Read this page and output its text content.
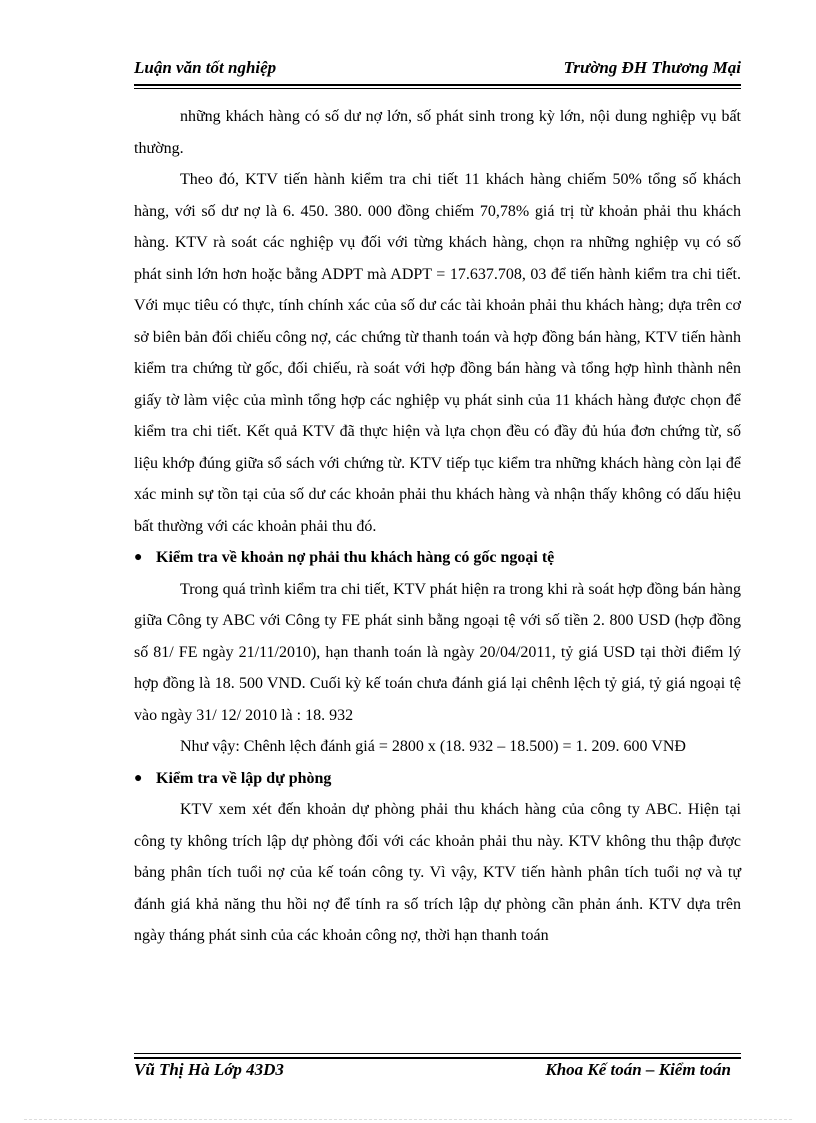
Luận văn tốt nghiệp	Trường ĐH Thương Mại

những khách hàng có số dư nợ lớn, số phát sinh trong kỳ lớn, nội dung nghiệp vụ bất thường.

Theo đó, KTV tiến hành kiểm tra chi tiết 11 khách hàng chiếm 50% tổng số khách hàng, với số dư nợ là 6. 450. 380. 000 đồng chiếm 70,78% giá trị từ khoản phải thu khách hàng. KTV rà soát các nghiệp vụ đối với từng khách hàng, chọn ra những nghiệp vụ có số phát sinh lớn hơn hoặc bằng ADPT mà ADPT = 17.637.708, 03 để tiến hành kiểm tra chi tiết. Với mục tiêu có thực, tính chính xác của số dư các tài khoản phải thu khách hàng; dựa trên cơ sở biên bản đối chiếu công nợ, các chứng từ thanh toán và hợp đồng bán hàng, KTV tiến hành kiểm tra chứng từ gốc, đối chiếu, rà soát với hợp đồng bán hàng và tổng hợp hình thành nên giấy tờ làm việc của mình tổng hợp các nghiệp vụ phát sinh của 11 khách hàng được chọn để kiểm tra chi tiết. Kết quả KTV đã thực hiện và lựa chọn đều có đầy đủ húa đơn chứng từ, số liệu khớp đúng giữa sổ sách với chứng từ. KTV tiếp tục kiểm tra những khách hàng còn lại để xác minh sự tồn tại của số dư các khoản phải thu khách hàng và nhận thấy không có dấu hiệu bất thường với các khoản phải thu đó.

● Kiểm tra về khoản nợ phải thu khách hàng có gốc ngoại tệ

Trong quá trình kiểm tra chi tiết, KTV phát hiện ra trong khi rà soát hợp đồng bán hàng giữa Công ty ABC với Công ty FE phát sinh bằng ngoại tệ với số tiền 2. 800 USD (hợp đồng số 81/ FE ngày 21/11/2010), hạn thanh toán là ngày 20/04/2011, tỷ giá USD tại thời điểm lý hợp đồng là 18. 500 VND. Cuối kỳ kế toán chưa đánh giá lại chênh lệch tỷ giá, tỷ giá ngoại tệ vào ngày 31/ 12/ 2010 là : 18. 932

Như vậy: Chênh lệch đánh giá = 2800 x (18. 932 – 18.500) = 1. 209. 600 VNĐ

● Kiểm tra về lập dự phòng

KTV xem xét đến khoản dự phòng phải thu khách hàng của công ty ABC. Hiện tại công ty không trích lập dự phòng đối với các khoản phải thu này. KTV không thu thập được bảng phân tích tuổi nợ của kế toán công ty. Vì vậy, KTV tiến hành phân tích tuổi nợ và tự đánh giá khả năng thu hồi nợ để tính ra số trích lập dự phòng cần phản ánh. KTV dựa trên ngày tháng phát sinh của các khoản công nợ, thời hạn thanh toán

Vũ Thị Hà Lớp 43D3	Khoa Kế toán – Kiểm toán
